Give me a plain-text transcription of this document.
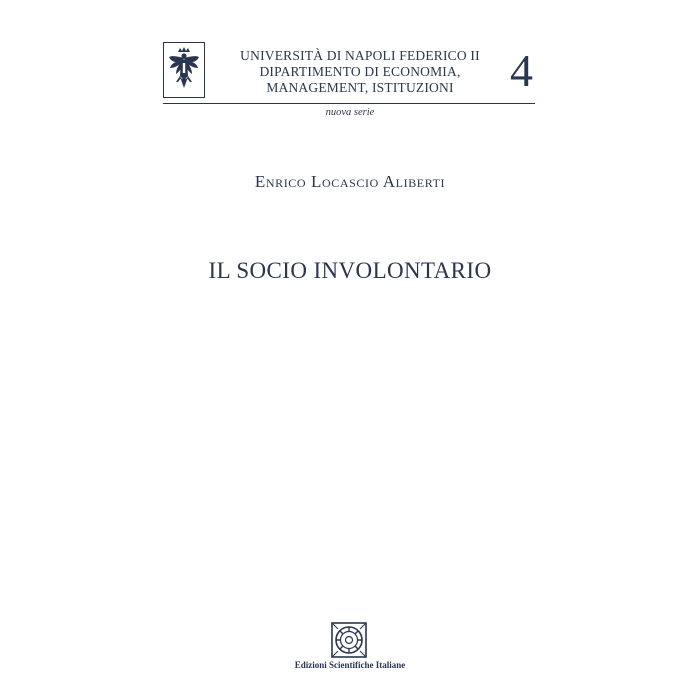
UNIVERSITÀ DI NAPOLI FEDERICO II
DIPARTIMENTO DI ECONOMIA,
MANAGEMENT, ISTITUZIONI	4
nuova serie
Enrico Locascio Aliberti
IL SOCIO INVOLONTARIO
Edizioni Scientifiche Italiane
